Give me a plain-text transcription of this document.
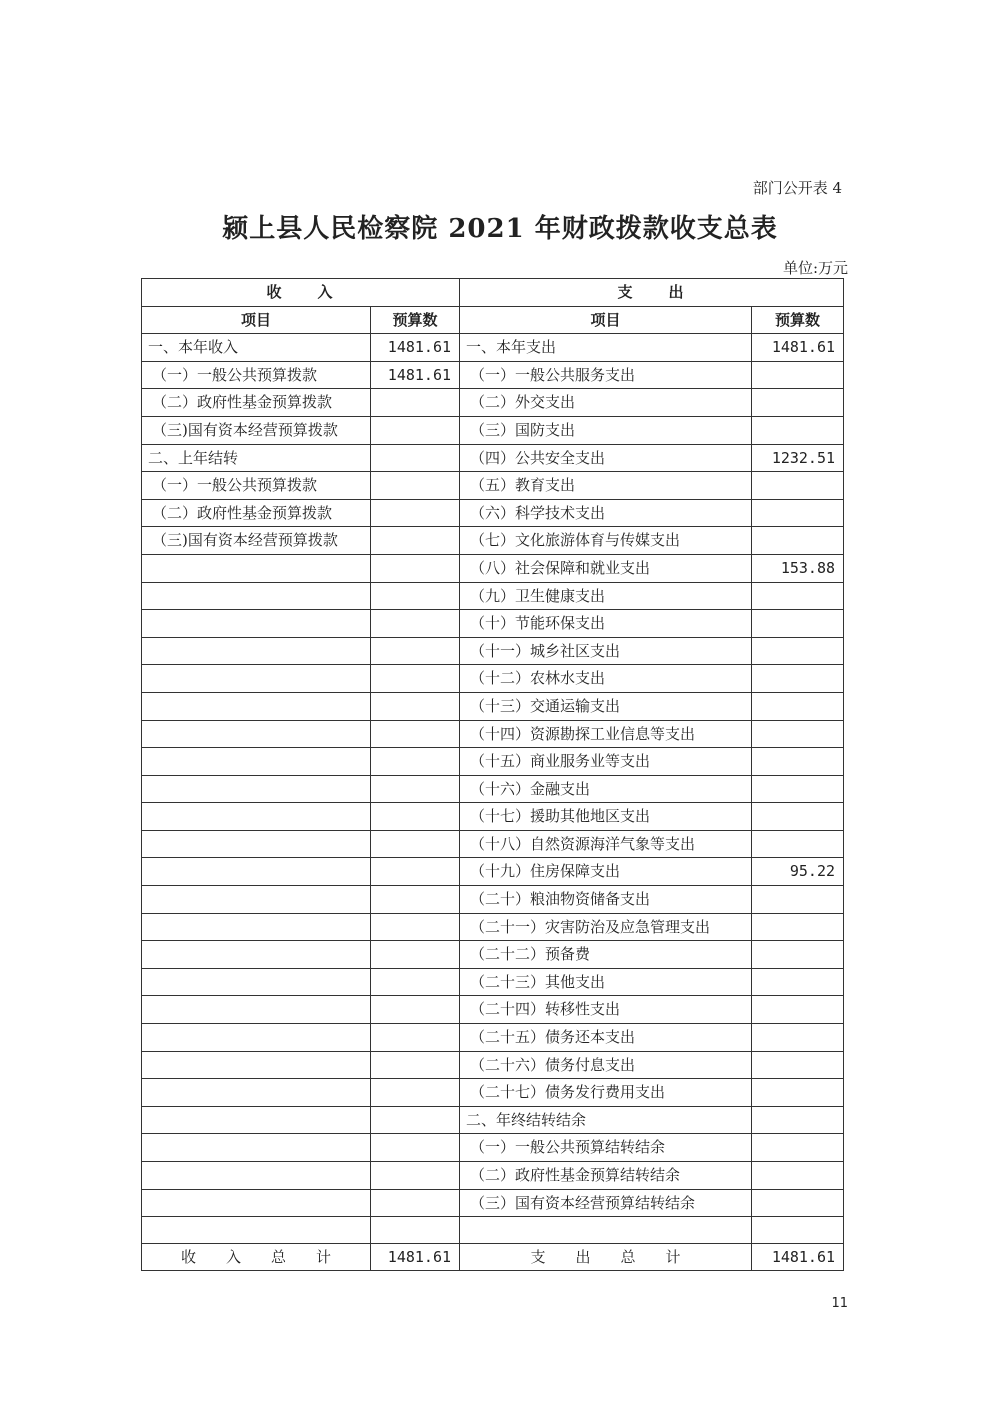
部门公开表 4
颍上县人民检察院 2021 年财政拨款收支总表
单位:万元
收　　入		支　　出	
项目	预算数	项目	预算数
一、本年收入	1481.61	一、本年支出	1481.61
（一）一般公共预算拨款	1481.61	（一）一般公共服务支出	
（二）政府性基金预算拨款		（二）外交支出	
（三)国有资本经营预算拨款		（三）国防支出	
二、上年结转		（四）公共安全支出	1232.51
（一）一般公共预算拨款		（五）教育支出	
（二）政府性基金预算拨款		（六）科学技术支出	
（三)国有资本经营预算拨款		（七）文化旅游体育与传媒支出	
		（八）社会保障和就业支出	153.88
		（九）卫生健康支出	
		（十）节能环保支出	
		（十一）城乡社区支出	
		（十二）农林水支出	
		（十三）交通运输支出	
		（十四）资源勘探工业信息等支出	
		（十五）商业服务业等支出	
		（十六）金融支出	
		（十七）援助其他地区支出	
		（十八）自然资源海洋气象等支出	
		（十九）住房保障支出	95.22
		（二十）粮油物资储备支出	
		（二十一）灾害防治及应急管理支出	
		（二十二）预备费	
		（二十三）其他支出	
		（二十四）转移性支出	
		（二十五）债务还本支出	
		（二十六）债务付息支出	
		（二十七）债务发行费用支出	
		二、年终结转结余	
		（一）一般公共预算结转结余	
		（二）政府性基金预算结转结余	
		（三）国有资本经营预算结转结余	

收　　入　　总　　计	1481.61	支　　出　　总　　计	1481.61
11
